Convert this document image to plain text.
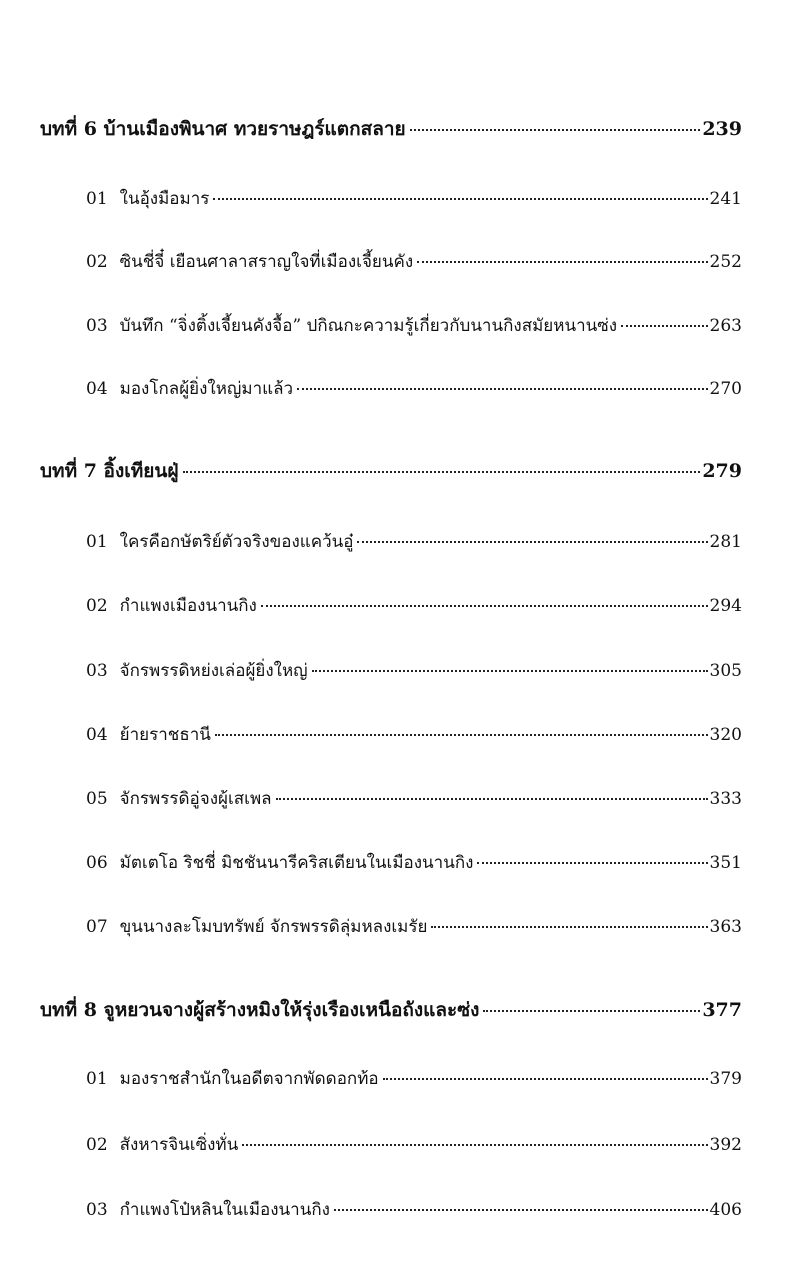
บทที่ 6 บ้านเมืองพินาศ ทวยราษฎร์แตกสลาย	239
01 ในอุ้งมือมาร	241
02 ซินชี่จี๋ เยือนศาลาสราญใจที่เมืองเจี้ยนคัง	252
03 บันทึก “จิ่งติ้งเจี้ยนคังจื้อ” ปกิณกะความรู้เกี่ยวกับนานกิงสมัยหนานซ่ง	263
04 มองโกลผู้ยิ่งใหญ่มาแล้ว	270
บทที่ 7 อิ้งเทียนฝู่	279
01 ใครคือกษัตริย์ตัวจริงของแคว้นอู๋	281
02 กำแพงเมืองนานกิง	294
03 จักรพรรดิหย่งเล่อผู้ยิ่งใหญ่	305
04 ย้ายราชธานี	320
05 จักรพรรดิอู่จงผู้เสเพล	333
06 มัตเตโอ ริชชี่ มิชชันนารีคริสเตียนในเมืองนานกิง	351
07 ขุนนางละโมบทรัพย์ จักรพรรดิลุ่มหลงเมรัย	363
บทที่ 8 จูหยวนจางผู้สร้างหมิงให้รุ่งเรืองเหนือถังและซ่ง	377
01 มองราชสำนักในอดีตจากพัดดอกท้อ	379
02 สังหารจินเซิ่งทั่น	392
03 กำแพงโป๋หลินในเมืองนานกิง	406
